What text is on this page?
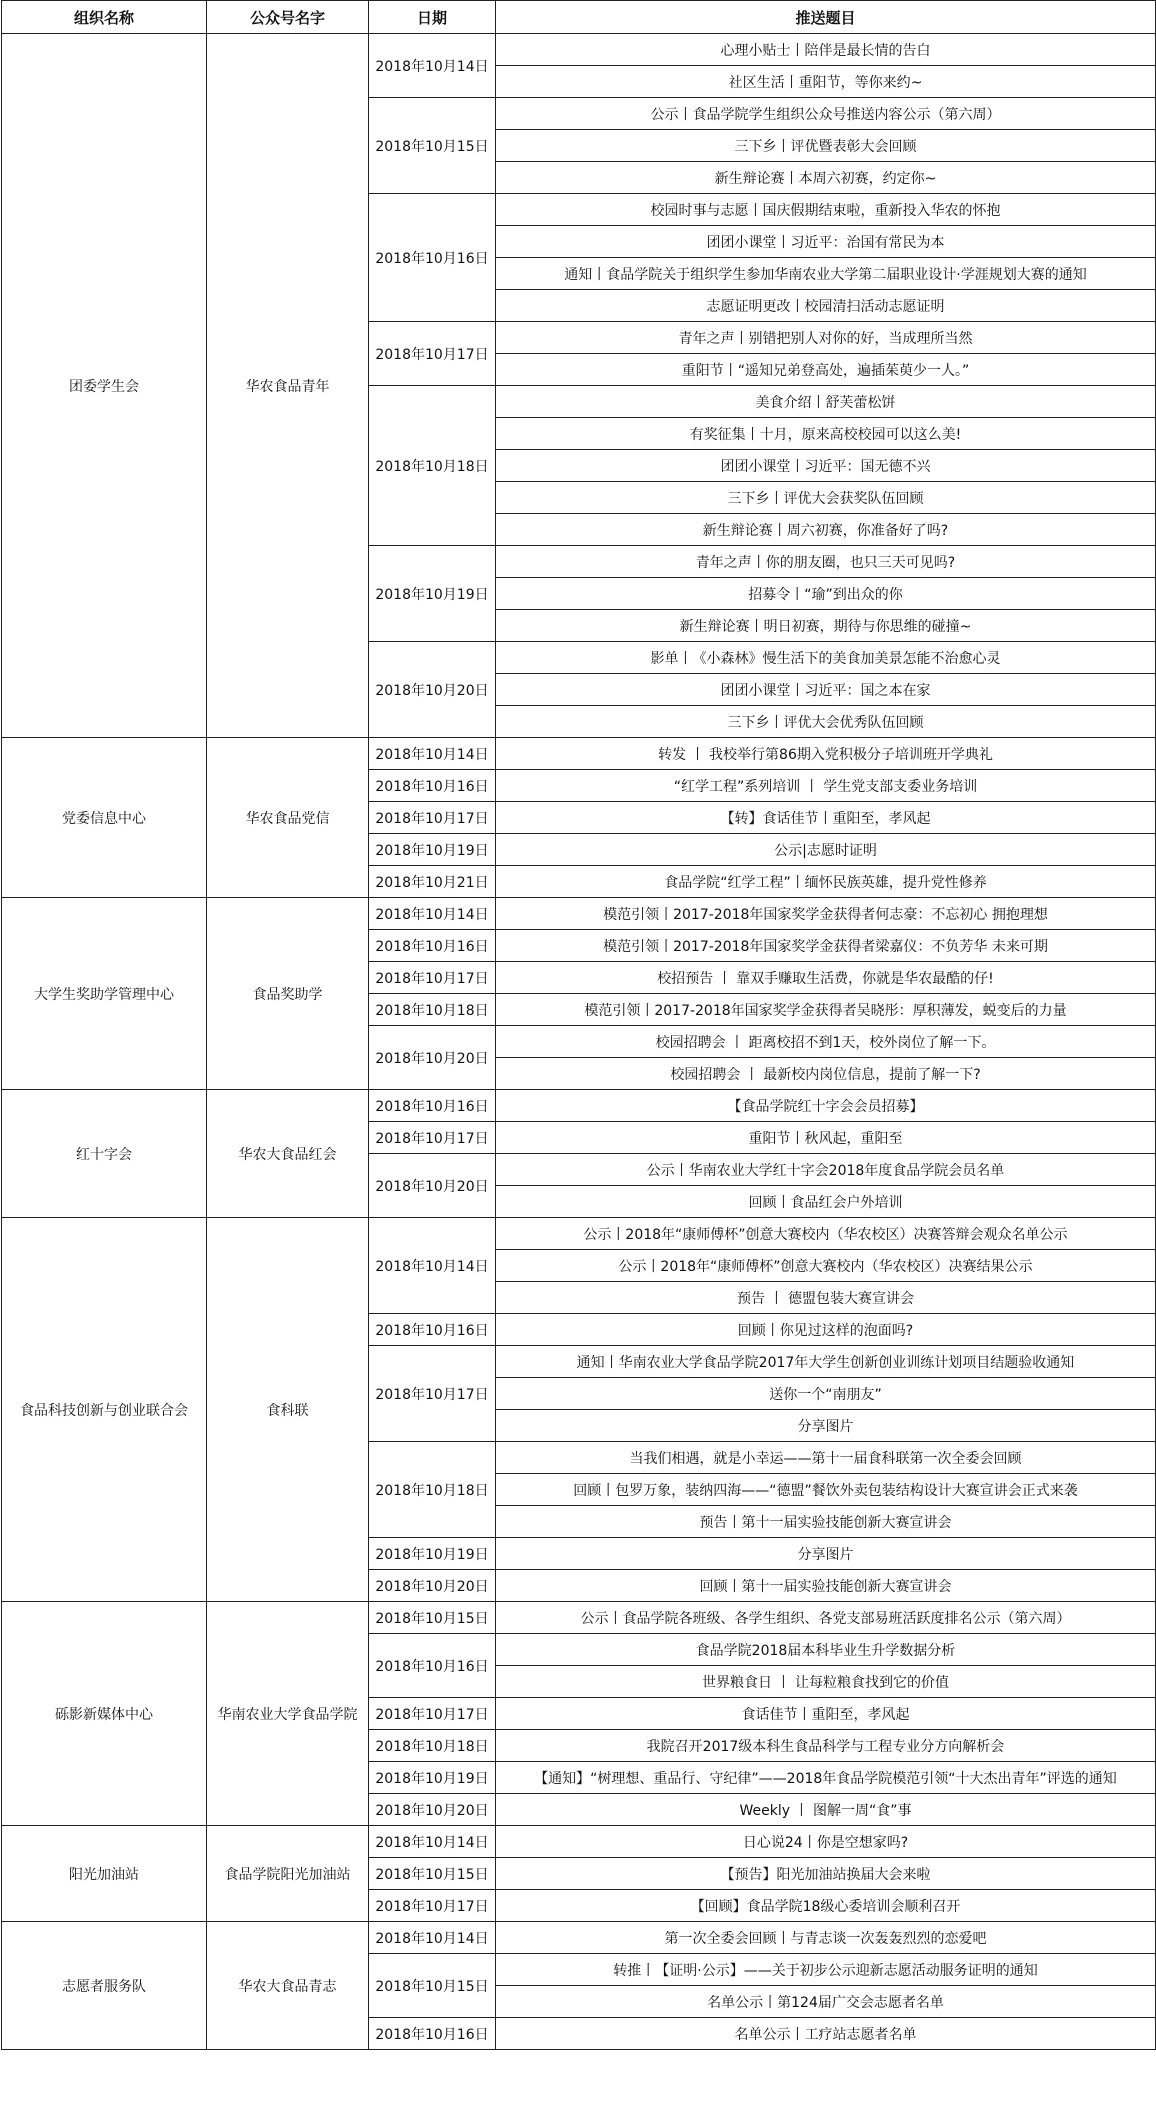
组织名称	公众号名字	日期	推送题目
团委学生会	华农食品青年	2018年10月14日	心理小贴士丨陪伴是最长情的告白
			社区生活丨重阳节，等你来约~
		2018年10月15日	公示丨食品学院学生组织公众号推送内容公示（第六周）
			三下乡丨评优暨表彰大会回顾
			新生辩论赛丨本周六初赛，约定你~
		2018年10月16日	校园时事与志愿丨国庆假期结束啦，重新投入华农的怀抱
			团团小课堂丨习近平：治国有常民为本
			通知丨食品学院关于组织学生参加华南农业大学第二届职业设计·学涯规划大赛的通知
			志愿证明更改丨校园清扫活动志愿证明
		2018年10月17日	青年之声丨别错把别人对你的好，当成理所当然
			重阳节丨“遥知兄弟登高处，遍插茱萸少一人。”
		2018年10月18日	美食介绍丨舒芙蕾松饼
			有奖征集丨十月，原来高校校园可以这么美!
			团团小课堂丨习近平：国无德不兴
			三下乡丨评优大会获奖队伍回顾
			新生辩论赛丨周六初赛，你准备好了吗?
		2018年10月19日	青年之声丨你的朋友圈，也只三天可见吗?
			招募令丨“瑜”到出众的你
			新生辩论赛丨明日初赛，期待与你思维的碰撞~
		2018年10月20日	影单丨《小森林》慢生活下的美食加美景怎能不治愈心灵
			团团小课堂丨习近平：国之本在家
			三下乡丨评优大会优秀队伍回顾
党委信息中心	华农食品党信	2018年10月14日	转发 丨 我校举行第86期入党积极分子培训班开学典礼
		2018年10月16日	“红学工程”系列培训 丨 学生党支部支委业务培训
		2018年10月17日	【转】食话佳节丨重阳至，孝风起
		2018年10月19日	公示|志愿时证明
		2018年10月21日	食品学院“红学工程”丨缅怀民族英雄，提升党性修养
大学生奖助学管理中心	食品奖助学	2018年10月14日	模范引领丨2017-2018年国家奖学金获得者何志豪：不忘初心 拥抱理想
		2018年10月16日	模范引领丨2017-2018年国家奖学金获得者梁嘉仪：不负芳华 未来可期
		2018年10月17日	校招预告 丨 靠双手赚取生活费，你就是华农最酷的仔!
		2018年10月18日	模范引领丨2017-2018年国家奖学金获得者吴晓彤：厚积薄发，蜕变后的力量
		2018年10月20日	校园招聘会 丨 距离校招不到1天，校外岗位了解一下。
			校园招聘会 丨 最新校内岗位信息，提前了解一下?
红十字会	华农大食品红会	2018年10月16日	【食品学院红十字会会员招募】
		2018年10月17日	重阳节丨秋风起，重阳至
		2018年10月20日	公示丨华南农业大学红十字会2018年度食品学院会员名单
			回顾丨食品红会户外培训
食品科技创新与创业联合会	食科联	2018年10月14日	公示丨2018年“康师傅杯”创意大赛校内（华农校区）决赛答辩会观众名单公示
			公示丨2018年“康师傅杯”创意大赛校内（华农校区）决赛结果公示
			预告 丨 德盟包装大赛宣讲会
		2018年10月16日	回顾丨你见过这样的泡面吗?
		2018年10月17日	通知丨华南农业大学食品学院2017年大学生创新创业训练计划项目结题验收通知
			送你一个“南朋友”
			分享图片
		2018年10月18日	当我们相遇，就是小幸运——第十一届食科联第一次全委会回顾
			回顾丨包罗万象，装纳四海——“德盟”餐饮外卖包装结构设计大赛宣讲会正式来袭
			预告丨第十一届实验技能创新大赛宣讲会
		2018年10月19日	分享图片
		2018年10月20日	回顾丨第十一届实验技能创新大赛宣讲会
砾影新媒体中心	华南农业大学食品学院	2018年10月15日	公示丨食品学院各班级、各学生组织、各党支部易班活跃度排名公示（第六周）
		2018年10月16日	食品学院2018届本科毕业生升学数据分析
			世界粮食日 丨 让每粒粮食找到它的价值
		2018年10月17日	食话佳节丨重阳至，孝风起
		2018年10月18日	我院召开2017级本科生食品科学与工程专业分方向解析会
		2018年10月19日	【通知】“树理想、重品行、守纪律”——2018年食品学院模范引领“十大杰出青年”评选的通知
		2018年10月20日	Weekly 丨 图解一周“食”事
阳光加油站	食品学院阳光加油站	2018年10月14日	日心说24丨你是空想家吗?
		2018年10月15日	【预告】阳光加油站换届大会来啦
		2018年10月17日	【回顾】食品学院18级心委培训会顺利召开
志愿者服务队	华农大食品青志	2018年10月14日	第一次全委会回顾丨与青志谈一次轰轰烈烈的恋爱吧
		2018年10月15日	转推丨【证明·公示】——关于初步公示迎新志愿活动服务证明的通知
			名单公示丨第124届广交会志愿者名单
		2018年10月16日	名单公示丨工疗站志愿者名单
